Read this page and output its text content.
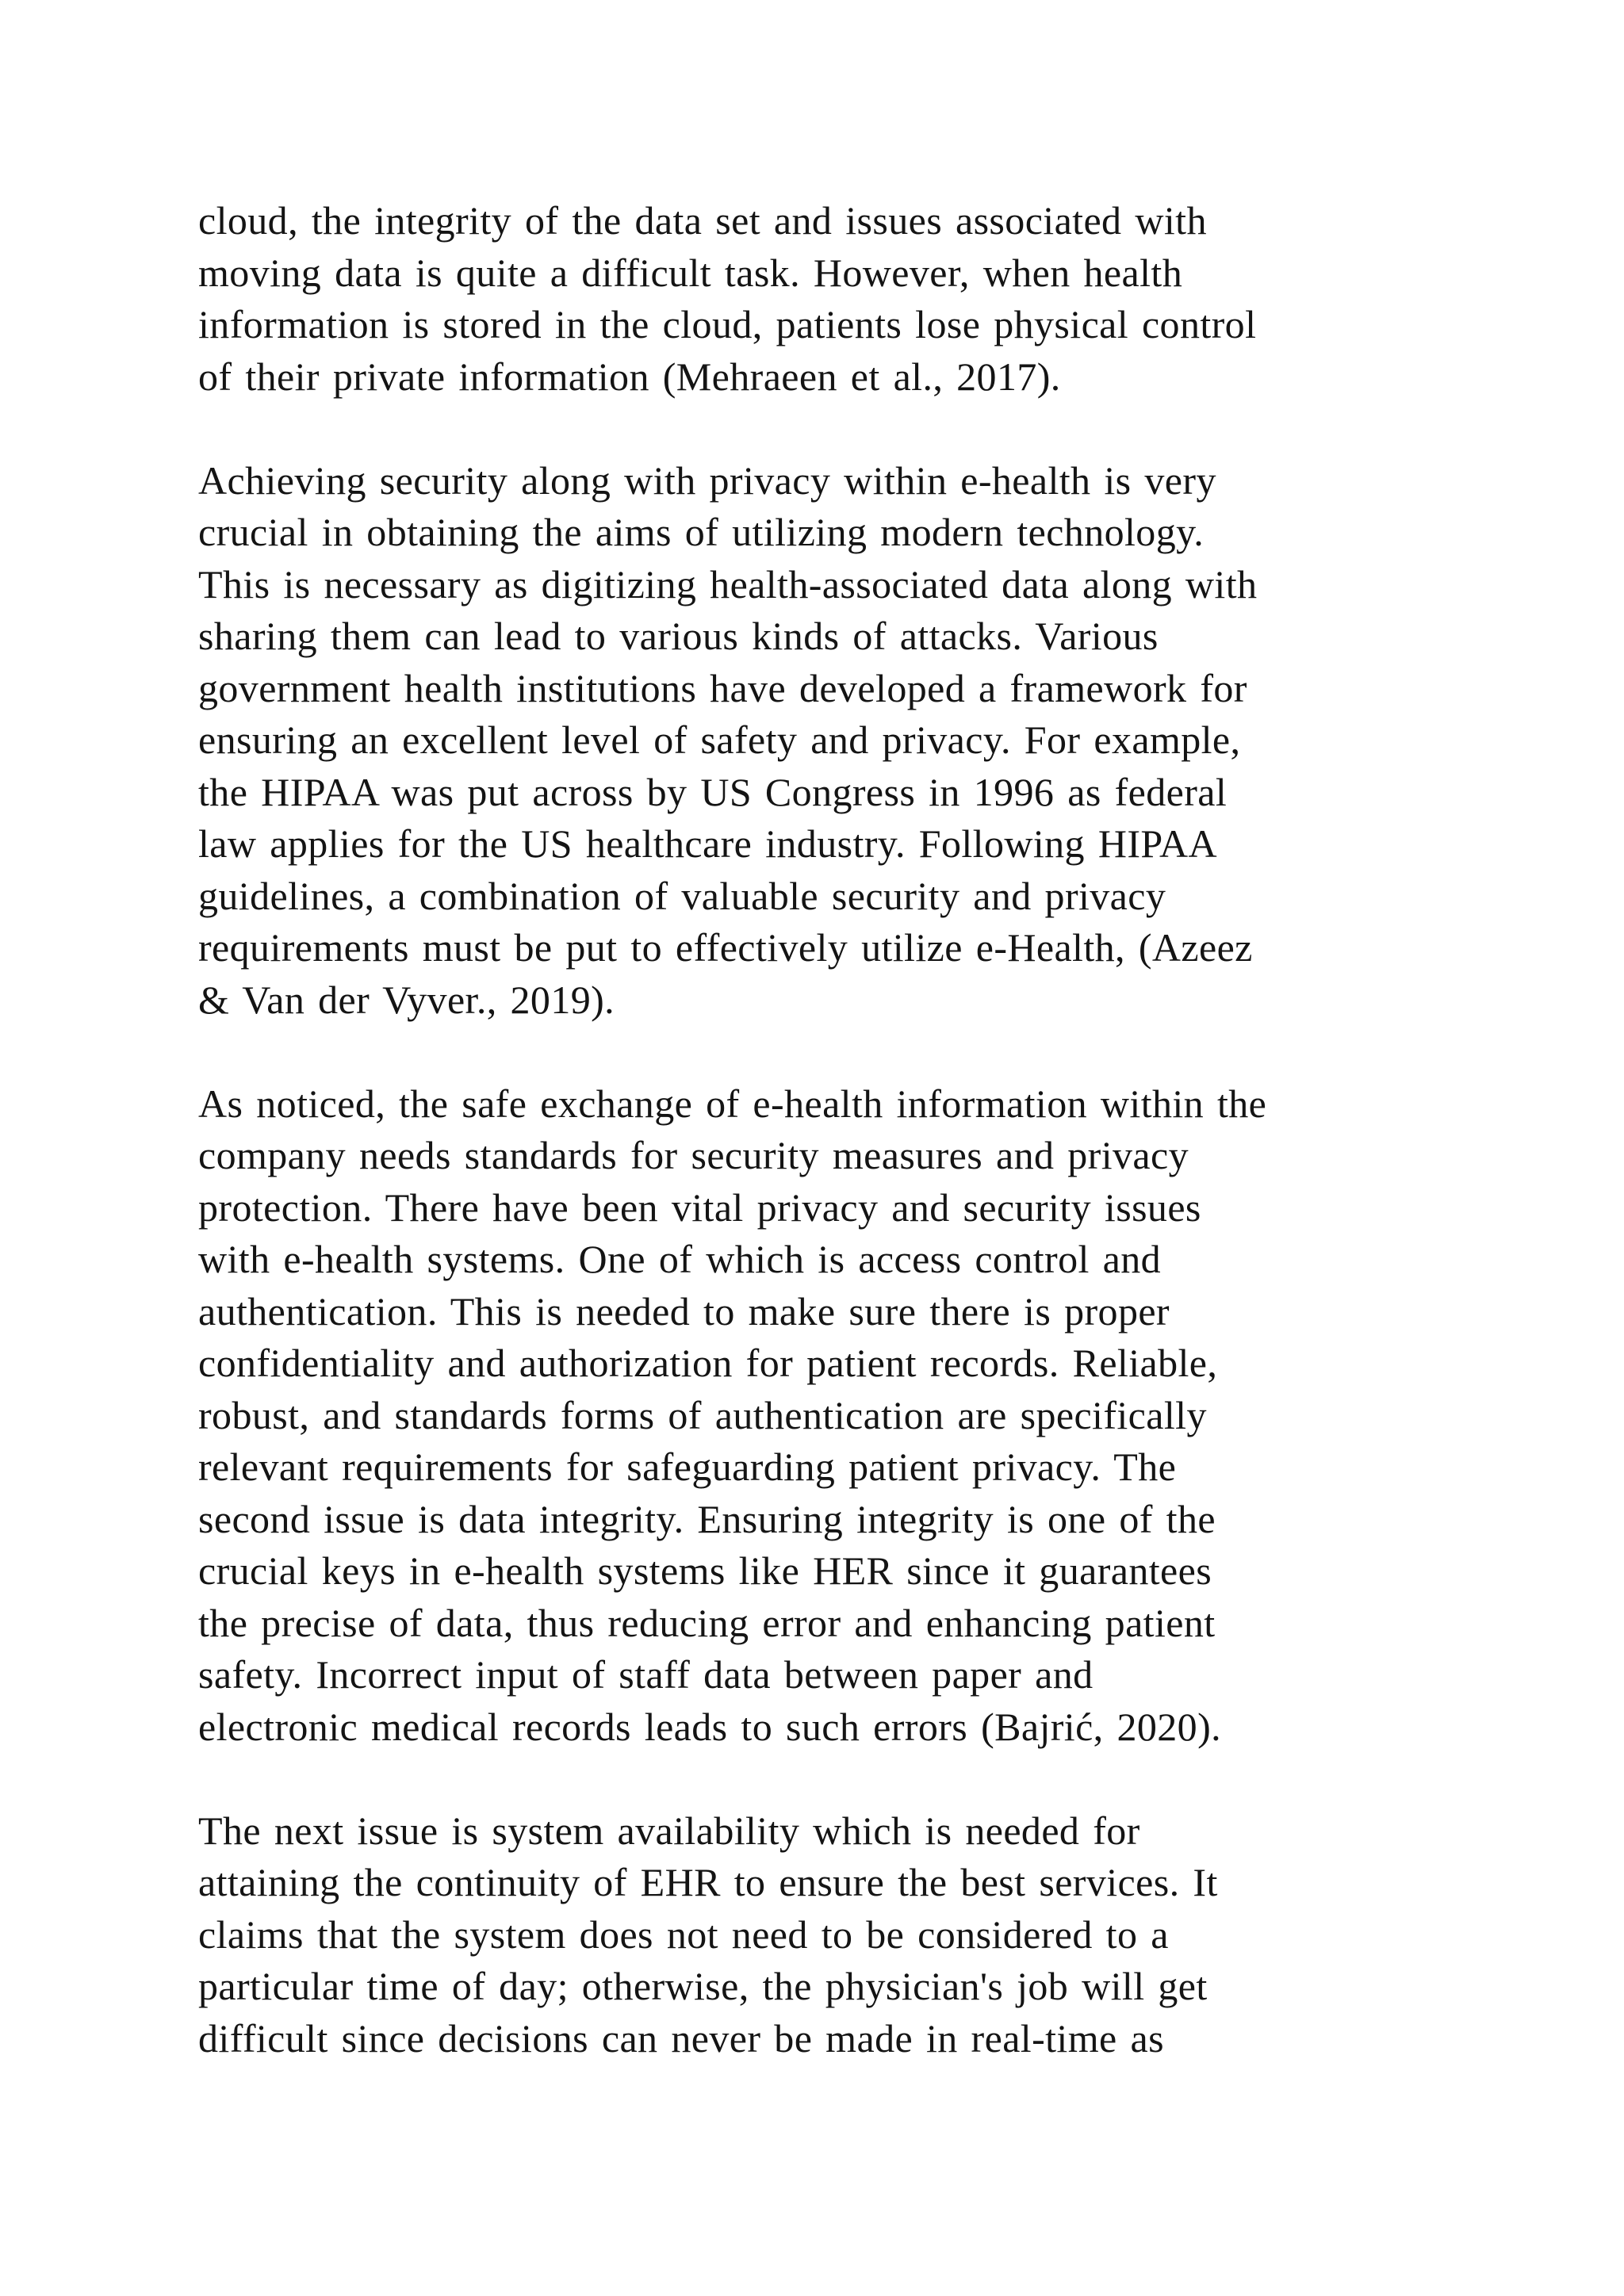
cloud, the integrity of the data set and issues associated with
moving data is quite a difficult task. However, when health
information is stored in the cloud, patients lose physical control
of their private information (Mehraeen et al., 2017).

Achieving security along with privacy within e-health is very
crucial in obtaining the aims of utilizing modern technology.
This is necessary as digitizing health-associated data along with
sharing them can lead to various kinds of attacks. Various
government health institutions have developed a framework for
ensuring an excellent level of safety and privacy. For example,
the HIPAA was put across by US Congress in 1996 as federal
law applies for the US healthcare industry. Following HIPAA
guidelines, a combination of valuable security and privacy
requirements must be put to effectively utilize e-Health, (Azeez
& Van der Vyver., 2019).

As noticed, the safe exchange of e-health information within the
company needs standards for security measures and privacy
protection. There have been vital privacy and security issues
with e-health systems. One of which is access control and
authentication. This is needed to make sure there is proper
confidentiality and authorization for patient records. Reliable,
robust, and standards forms of authentication are specifically
relevant requirements for safeguarding patient privacy. The
second issue is data integrity. Ensuring integrity is one of the
crucial keys in e-health systems like HER since it guarantees
the precise of data, thus reducing error and enhancing patient
safety. Incorrect input of staff data between paper and
electronic medical records leads to such errors (Bajrić, 2020).

The next issue is system availability which is needed for
attaining the continuity of EHR to ensure the best services. It
claims that the system does not need to be considered to a
particular time of day; otherwise, the physician's job will get
difficult since decisions can never be made in real-time as
